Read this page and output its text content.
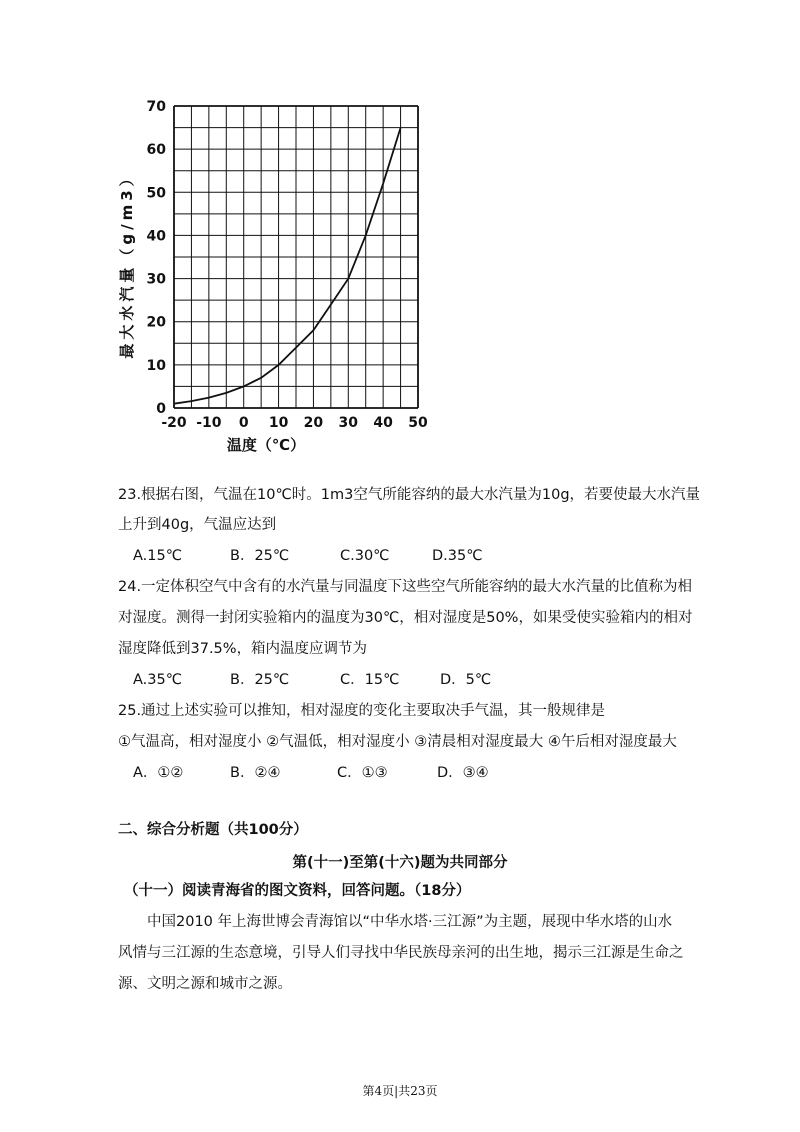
-20 -10 0 10 20 30 40 50
0
10
20
30
40
50
60
70
温度（℃）
最大水汽量（g/m3）
23.根据右图，气温在10℃时。1m3空气所能容纳的最大水汽量为10g，若要使最大水汽量
上升到40g，气温应达到
A.15℃	B．25℃	C.30℃	D.35℃
24.一定体积空气中含有的水汽量与同温度下这些空气所能容纳的最大水汽量的比值称为相
对湿度。测得一封闭实验箱内的温度为30℃，相对湿度是50%，如果受使实验箱内的相对
湿度降低到37.5%，箱内温度应调节为
A.35℃	B．25℃	C．15℃	D．5℃
25.通过上述实验可以推知，相对湿度的变化主要取决手气温，其一般规律是
①气温高，相对湿度小 ②气温低，相对湿度小 ③清晨相对湿度最大 ④午后相对湿度最大
A．①②	B．②④	C．①③	D．③④
二、综合分析题（共100分）
第(十一)至第(十六)题为共同部分
（十一）阅读青海省的图文资料，回答问题。（18分）
中国2010 年上海世博会青海馆以“中华水塔·三江源”为主题，展现中华水塔的山水
风情与三江源的生态意境，引导人们寻找中华民族母亲河的出生地，揭示三江源是生命之
源、文明之源和城市之源。
第4页|共23页
